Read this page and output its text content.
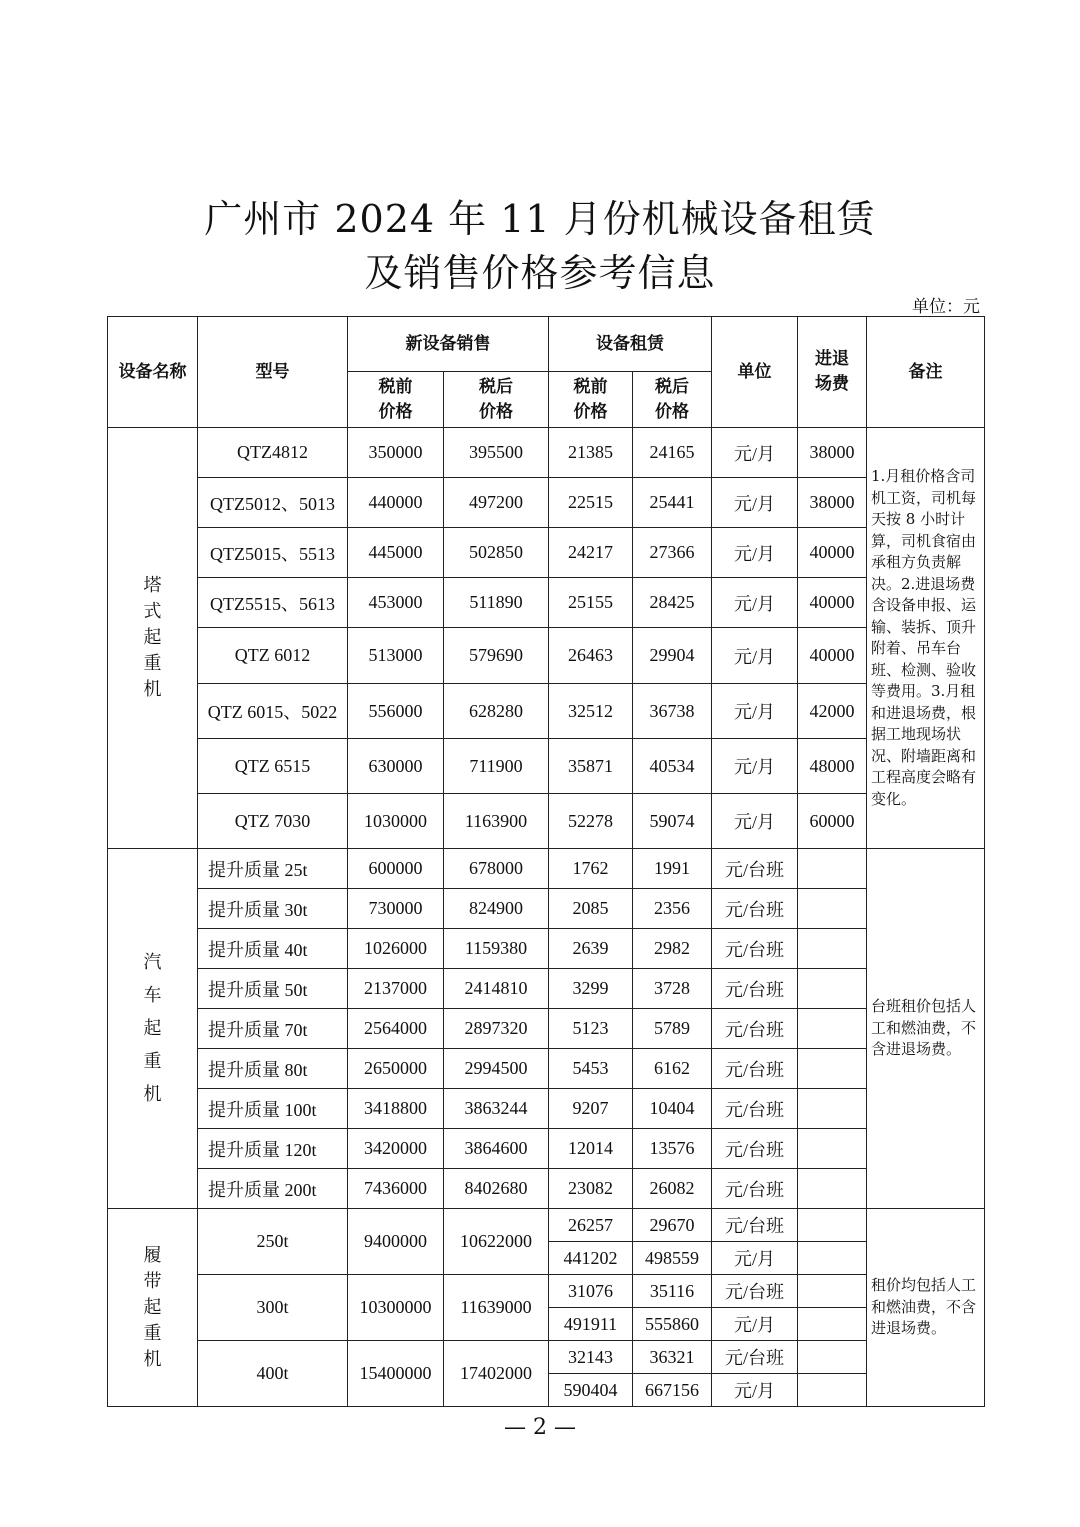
广州市 2024 年 11 月份机械设备租赁
及销售价格参考信息
单位：元
设备名称	型号	新设备销售		设备租赁		单位	进退场费	备注
		税前价格	税后价格	税前价格	税后价格			

塔
式
起
重
机	QTZ4812	350000	395500	21385	24165	元/月	38000	1.月租价格含司机工资，司机每天按 8 小时计算，司机食宿由承租方负责解决。2.进退场费含设备申报、运输、装拆、顶升附着、吊车台班、检测、验收等费用。3.月租和进退场费，根据工地现场状况、附墙距离和工程高度会略有变化。
	QTZ5012、5013	440000	497200	22515	25441	元/月	38000	
	QTZ5015、5513	445000	502850	24217	27366	元/月	40000	
	QTZ5515、5613	453000	511890	25155	28425	元/月	40000	
	QTZ 6012	513000	579690	26463	29904	元/月	40000	
	QTZ 6015、5022	556000	628280	32512	36738	元/月	42000	
	QTZ 6515	630000	711900	35871	40534	元/月	48000	
	QTZ 7030	1030000	1163900	52278	59074	元/月	60000	

汽
车
起
重
机	提升质量 25t	600000	678000	1762	1991	元/台班		台班租价包括人工和燃油费，不含进退场费。
	提升质量 30t	730000	824900	2085	2356	元/台班		
	提升质量 40t	1026000	1159380	2639	2982	元/台班		
	提升质量 50t	2137000	2414810	3299	3728	元/台班		
	提升质量 70t	2564000	2897320	5123	5789	元/台班		
	提升质量 80t	2650000	2994500	5453	6162	元/台班		
	提升质量 100t	3418800	3863244	9207	10404	元/台班		
	提升质量 120t	3420000	3864600	12014	13576	元/台班		
	提升质量 200t	7436000	8402680	23082	26082	元/台班		

履
带
起
重
机	250t	9400000	10622000	26257	29670	元/台班		租价均包括人工和燃油费，不含进退场费。
				441202	498559	元/月		
	300t	10300000	11639000	31076	35116	元/台班		
				491911	555860	元/月		
	400t	15400000	17402000	32143	36321	元/台班		
				590404	667156	元/月		
— 2 —
